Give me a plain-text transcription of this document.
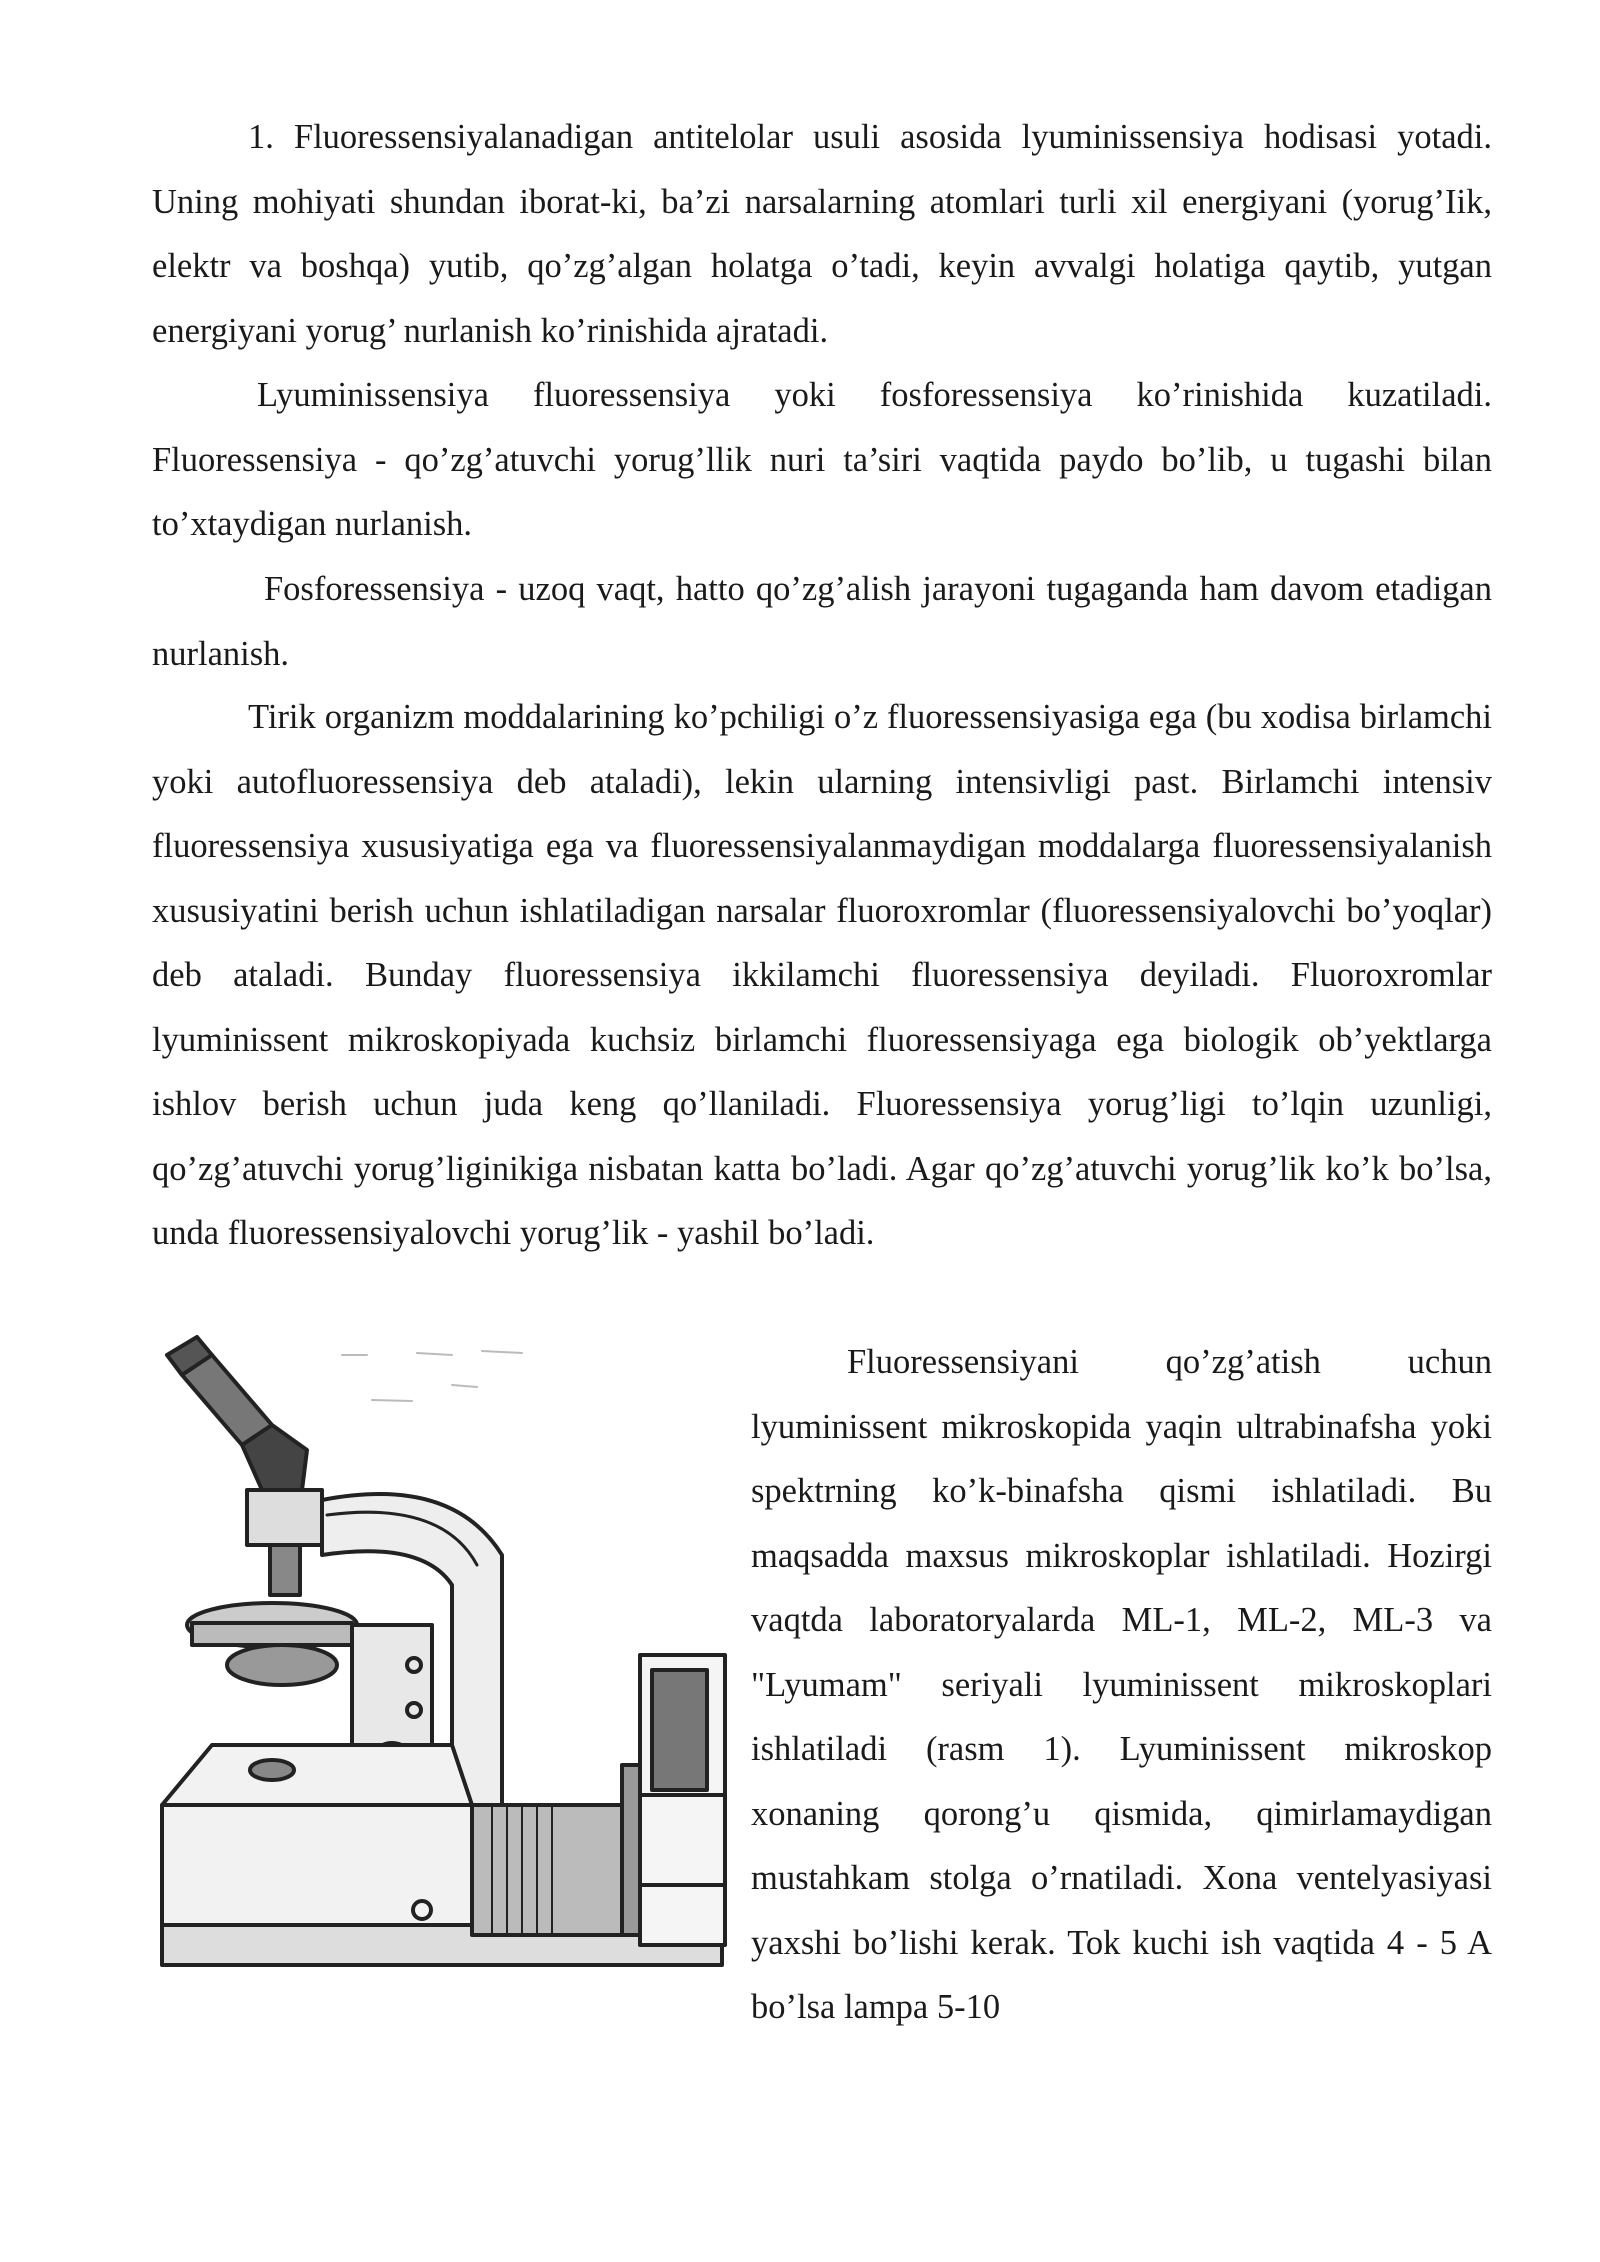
1. Fluoressensiyalanadigan antitelolar usuli asosida lyuminissensiya hodisasi yotadi. Uning mohiyati shundan iborat-ki, ba’zi narsalarning atomlari turli xil energiyani (yorug’Iik, elektr va boshqa) yutib, qo’zg’algan holatga o’tadi, keyin avvalgi holatiga qaytib, yutgan energiyani yorug’ nurlanish ko’rinishida ajratadi.

Lyuminissensiya fluoressensiya yoki fosforessensiya ko’rinishida kuzatiladi. Fluoressensiya - qo’zg’atuvchi yorug’llik nuri ta’siri vaqtida paydo bo’lib, u tugashi bilan to’xtaydigan nurlanish.

Fosforessensiya - uzoq vaqt, hatto qo’zg’alish jarayoni tugaganda ham davom etadigan nurlanish.

Tirik organizm moddalarining ko’pchiligi o’z fluoressensiyasiga ega (bu xodisa birlamchi yoki autofluoressensiya deb ataladi), lekin ularning intensivligi past. Birlamchi intensiv fluoressensiya xususiyatiga ega va fluoressensiyalanmaydigan moddalarga fluoressensiyalanish xususiyatini berish uchun ishlatiladigan narsalar fluoroxromlar (fluoressensiyalovchi bo’yoqlar) deb ataladi. Bunday fluoressensiya ikkilamchi fluoressensiya deyiladi. Fluoroxromlar lyuminissent mikroskopiyada kuchsiz birlamchi fluoressensiyaga ega biologik ob’yektlarga ishlov berish uchun juda keng qo’llaniladi. Fluoressensiya yorug’ligi to’lqin uzunligi, qo’zg’atuvchi yorug’liginikiga nisbatan katta bo’ladi. Agar qo’zg’atuvchi yorug’lik ko’k bo’lsa, unda fluoressensiyalovchi yorug’lik - yashil bo’ladi.

Fluoressensiyani qo’zg’atish uchun lyuminissent mikroskopida yaqin ultrabinafsha yoki spektrning ko’k-binafsha qismi ishlatiladi. Bu maqsadda maxsus mikroskoplar ishlatiladi. Hozirgi vaqtda laboratoryalarda ML-1, ML-2, ML-3 va "Lyumam" seriyali lyuminissent mikroskoplari ishlatiladi (rasm 1). Lyuminissent mikroskop xonaning qorong’u qismida, qimirlamaydigan mustahkam stolga o’rnatiladi. Xona ventelyasiyasi yaxshi bo’lishi kerak. Tok kuchi ish vaqtida 4 - 5 A bo’lsa lampa 5-10
